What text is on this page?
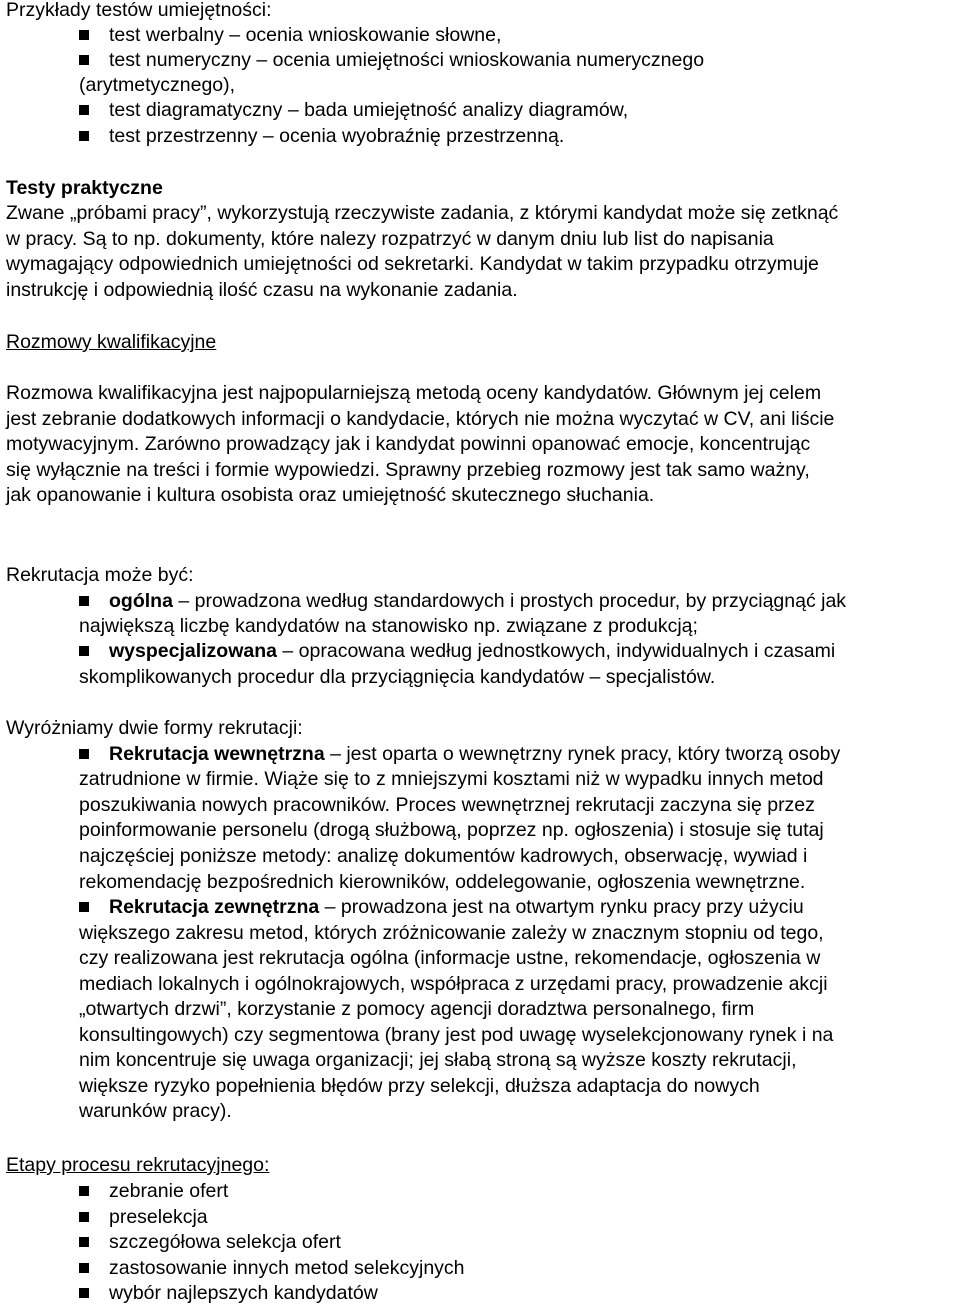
Przykłady testów umiejętności:
test werbalny – ocenia wnioskowanie słowne,
test numeryczny – ocenia umiejętności wnioskowania numerycznego
(arytmetycznego),
test diagramatyczny – bada umiejętność analizy diagramów,
test przestrzenny – ocenia wyobraźnię przestrzenną.
Testy praktyczne
Zwane „próbami pracy”, wykorzystują rzeczywiste zadania, z którymi kandydat może się zetknąć
w pracy. Są to np. dokumenty, które nalezy rozpatrzyć w danym dniu lub list do napisania
wymagający odpowiednich umiejętności od sekretarki. Kandydat w takim przypadku otrzymuje
instrukcję i odpowiednią ilość czasu na wykonanie zadania.
Rozmowy kwalifikacyjne
Rozmowa kwalifikacyjna jest najpopularniejszą metodą oceny kandydatów. Głównym jej celem
jest zebranie dodatkowych informacji o kandydacie, których nie można wyczytać w CV, ani liście
motywacyjnym. Zarówno prowadzący jak i kandydat powinni opanować emocje, koncentrując
się wyłącznie na treści i formie wypowiedzi. Sprawny przebieg rozmowy jest tak samo ważny,
jak opanowanie i kultura osobista oraz umiejętność skutecznego słuchania.
Rekrutacja może być:
ogólna – prowadzona według standardowych i prostych procedur, by przyciągnąć jak
największą liczbę kandydatów na stanowisko np. związane z produkcją;
wyspecjalizowana – opracowana według jednostkowych, indywidualnych i czasami
skomplikowanych procedur dla przyciągnięcia kandydatów – specjalistów.
Wyróżniamy dwie formy rekrutacji:
Rekrutacja wewnętrzna – jest oparta o wewnętrzny rynek pracy, który tworzą osoby
zatrudnione w firmie. Wiąże się to z mniejszymi kosztami niż w wypadku innych metod
poszukiwania nowych pracowników. Proces wewnętrznej rekrutacji zaczyna się przez
poinformowanie personelu (drogą służbową, poprzez np. ogłoszenia) i stosuje się tutaj
najczęściej poniższe metody: analizę dokumentów kadrowych, obserwację, wywiad i
rekomendację bezpośrednich kierowników, oddelegowanie, ogłoszenia wewnętrzne.
Rekrutacja zewnętrzna – prowadzona jest na otwartym rynku pracy przy użyciu
większego zakresu metod, których zróżnicowanie zależy w znacznym stopniu od tego,
czy realizowana jest rekrutacja ogólna (informacje ustne, rekomendacje, ogłoszenia w
mediach lokalnych i ogólnokrajowych, współpraca z urzędami pracy, prowadzenie akcji
„otwartych drzwi”, korzystanie z pomocy agencji doradztwa personalnego, firm
konsultingowych) czy segmentowa (brany jest pod uwagę wyselekcjonowany rynek i na
nim koncentruje się uwaga organizacji; jej słabą stroną są wyższe koszty rekrutacji,
większe ryzyko popełnienia błędów przy selekcji, dłuższa adaptacja do nowych
warunków pracy).
Etapy procesu rekrutacyjnego:
zebranie ofert
preselekcja
szczegółowa selekcja ofert
zastosowanie innych metod selekcyjnych
wybór najlepszych kandydatów
